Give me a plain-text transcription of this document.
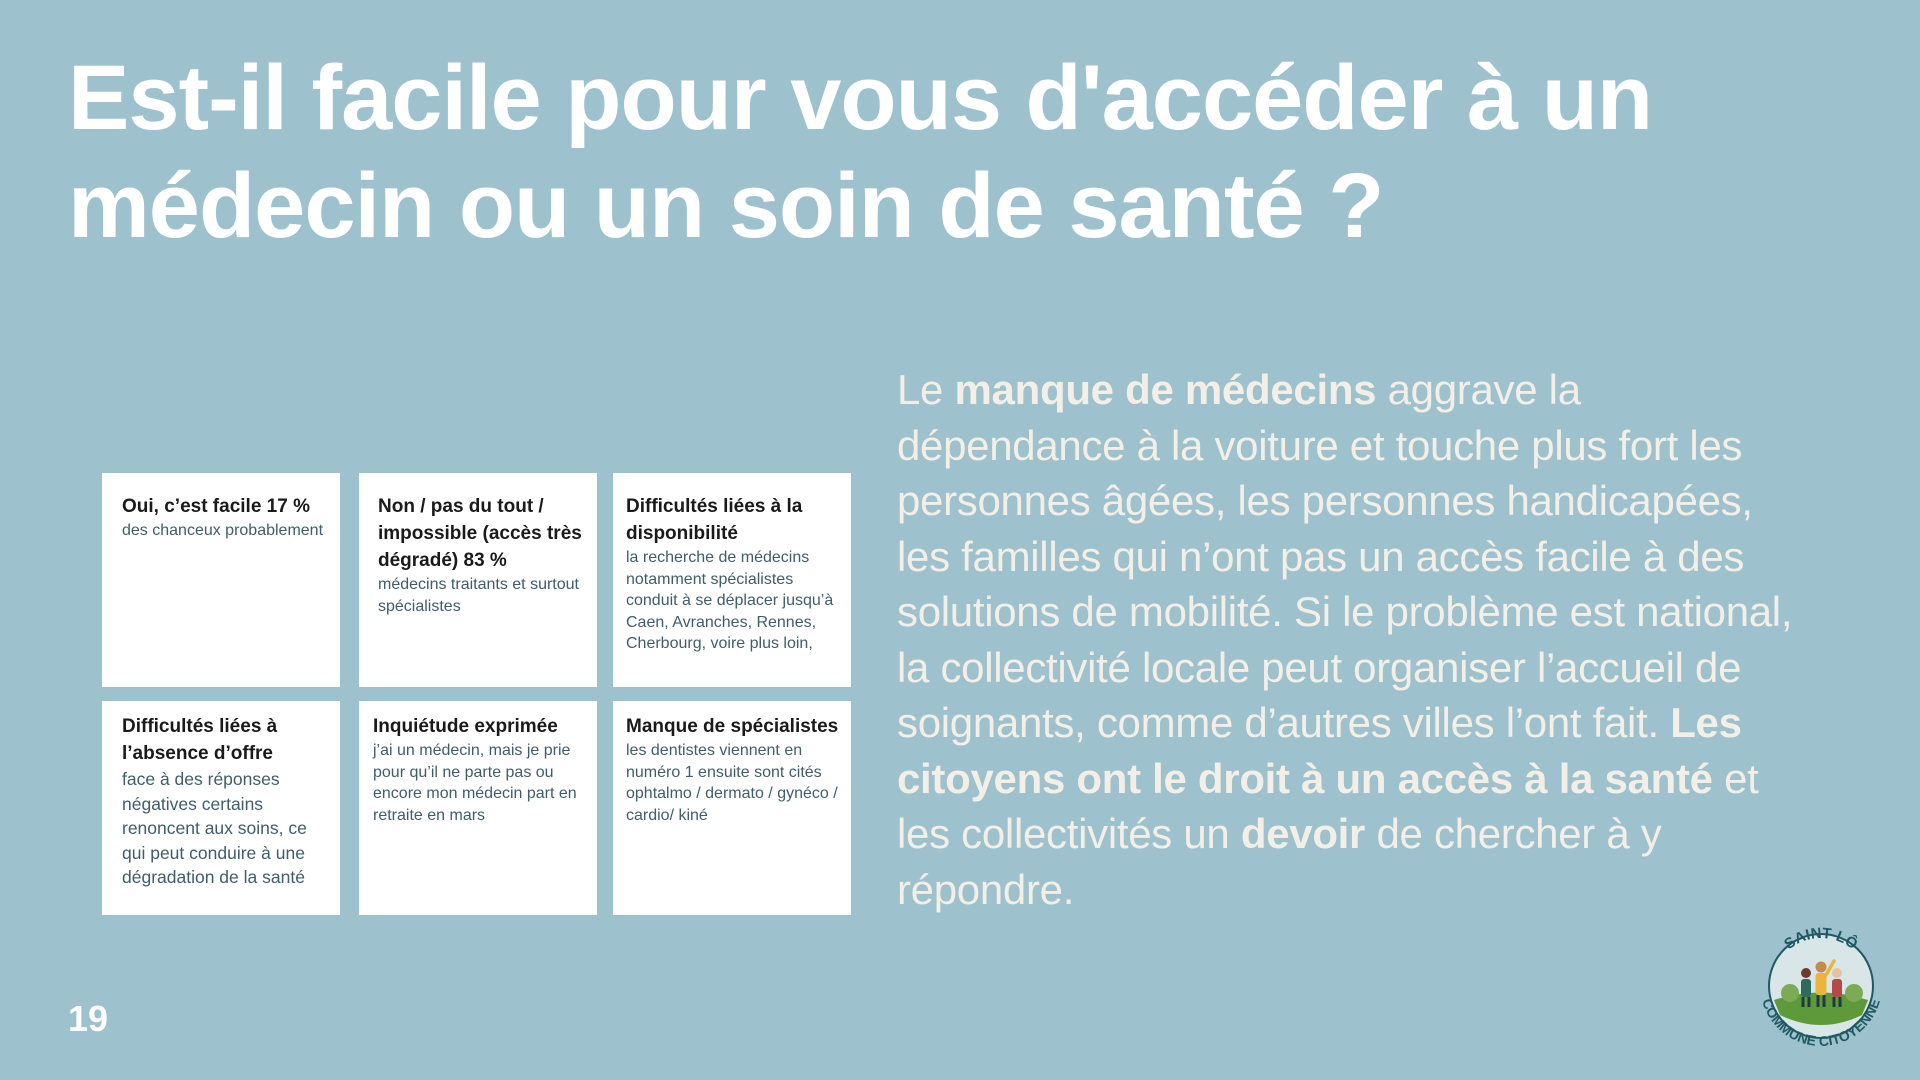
Est-il facile pour vous d'accéder à un médecin ou un soin de santé ?
Oui, c’est facile 17 %
des chanceux probablement
Non / pas du tout / impossible (accès très dégradé) 83 %
médecins traitants et surtout spécialistes
Difficultés liées à la disponibilité
la recherche de médecins notamment spécialistes conduit à se déplacer jusqu’à Caen, Avranches, Rennes, Cherbourg, voire plus loin,
Difficultés liées à l’absence d’offre
face à des réponses négatives certains renoncent aux soins, ce qui peut conduire à une dégradation de la santé
Inquiétude exprimée
j’ai un médecin, mais je prie pour qu’il ne parte pas ou encore mon médecin part en retraite en mars
Manque de spécialistes
les dentistes viennent en numéro 1 ensuite sont cités ophtalmo / dermato / gynéco / cardio/ kiné

Le manque de médecins aggrave la dépendance à la voiture et touche plus fort les personnes âgées, les personnes handicapées, les familles qui n’ont pas un accès facile à des solutions de mobilité. Si le problème est national, la collectivité locale peut organiser l’accueil de soignants, comme d’autres villes l’ont fait. Les citoyens ont le droit à un accès à la santé et les collectivités un devoir de chercher à y répondre.

19
SAINT-LÔ
COMMUNE CITOYENNE
